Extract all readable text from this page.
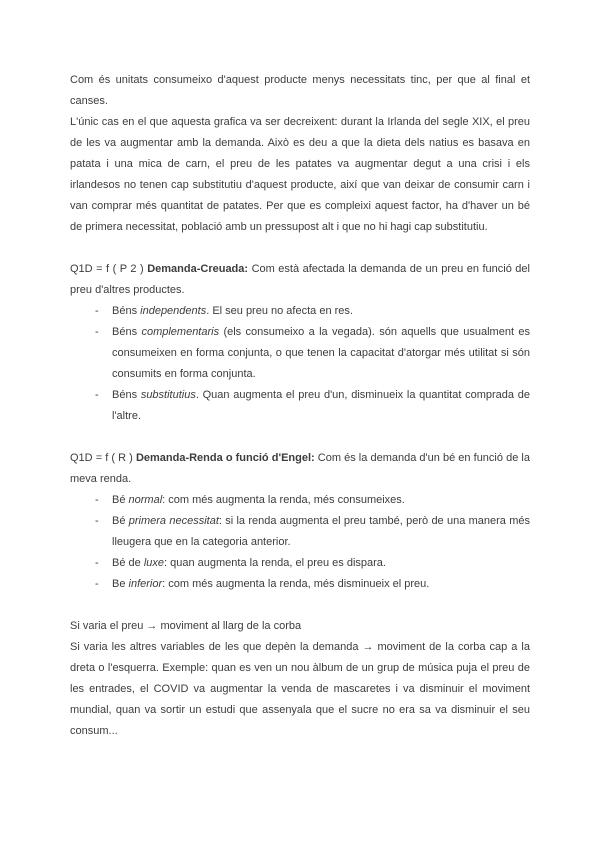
Com és unitats consumeixo d'aquest producte menys necessitats tinc, per que al final et canses.

L'únic cas en el que aquesta grafica va ser decreixent: durant la Irlanda del segle XIX, el preu de les va augmentar amb la demanda. Això es deu a que la dieta dels natius es basava en patata i una mica de carn, el preu de les patates va augmentar degut a una crisi i els irlandesos no tenen cap substitutiu d'aquest producte, així que van deixar de consumir carn i van comprar més quantitat de patates. Per que es compleixi aquest factor, ha d'haver un bé de primera necessitat, població amb un pressupost alt i que no hi hagi cap substitutiu.

Q1D = f ( P 2 ) Demanda-Creuada: Com està afectada la demanda de un preu en funció del preu d'altres productes.

-	Béns independents. El seu preu no afecta en res.
-	Béns complementaris (els consumeixo a la vegada). són aquells que usualment es consumeixen en forma conjunta, o que tenen la capacitat d'atorgar més utilitat si són consumits en forma conjunta.
-	Béns substitutius. Quan augmenta el preu d'un, disminueix la quantitat comprada de l'altre.

Q1D = f ( R ) Demanda-Renda o funció d'Engel: Com és la demanda d'un bé en funció de la meva renda.

-	Bé normal: com més augmenta la renda, més consumeixes.
-	Bé primera necessitat: si la renda augmenta el preu també, però de una manera més lleugera que en la categoria anterior.
-	Bé de luxe: quan augmenta la renda, el preu es dispara.
-	Be inferior: com més augmenta la renda, més disminueix el preu.

Si varia el preu → moviment al llarg de la corba

Si varia les altres variables de les que depèn la demanda → moviment de la corba cap a la dreta o l'esquerra. Exemple: quan es ven un nou àlbum de un grup de música puja el preu de les entrades, el COVID va augmentar la venda de mascaretes i va disminuir el moviment mundial, quan va sortir un estudi que assenyala que el sucre no era sa va disminuir el seu consum...
